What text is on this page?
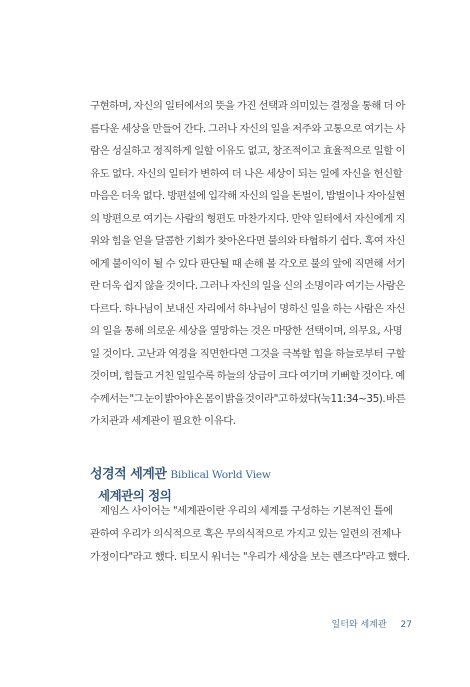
구현하며, 자신의 일터에서의 뜻을 가진 선택과 의미있는 결정을 통해 더 아
름다운 세상을 만들어 간다. 그러나 자신의 일을 저주와 고통으로 여기는 사
람은 성실하고 정직하게 일할 이유도 없고, 창조적이고 효율적으로 일할 이
유도 없다. 자신의 일터가 변하여 더 나은 세상이 되는 일에 자신을 헌신할
마음은 더욱 없다. 방편설에 입각해 자신의 일을 돈벌이, 밥벌이나 자아실현
의 방편으로 여기는 사람의 형편도 마찬가지다. 만약 일터에서 자신에게 지
위와 힘을 얻을 달콤한 기회가 찾아온다면 불의와 타협하기 쉽다. 혹여 자신
에게 불이익이 될 수 있다 판단될 때 손해 볼 각오로 불의 앞에 직면해 서기
란 더욱 쉽지 않을 것이다. 그러나 자신의 일을 신의 소명이라 여기는 사람은
다르다. 하나님이 보내신 자리에서 하나님이 명하신 일을 하는 사람은 자신
의 일을 통해 의로운 세상을 열망하는 것은 마땅한 선택이며, 의무요, 사명
일 것이다. 고난과 역경을 직면한다면 그것을 극복할 힘을 하늘로부터 구할
것이며, 힘들고 거친 일일수록 하늘의 상급이 크다 여기며 기뻐할 것이다. 예
수께서는 "그 눈이 밝아야 온 몸이 밝을 것이라"고 하셨다(눅11:34~35). 바른
가치관과 세계관이 필요한 이유다.
성경적 세계관 Biblical World View
세계관의 정의
제임스 사이어는 "세계관이란 우리의 세계를 구성하는 기본적인 틀에
관하여 우리가 의식적으로 혹은 무의식적으로 가지고 있는 일련의 전제나
가정이다"라고 했다. 티모시 워너는 "우리가 세상을 보는 렌즈다"라고 했다.
일터와 세계관 27
